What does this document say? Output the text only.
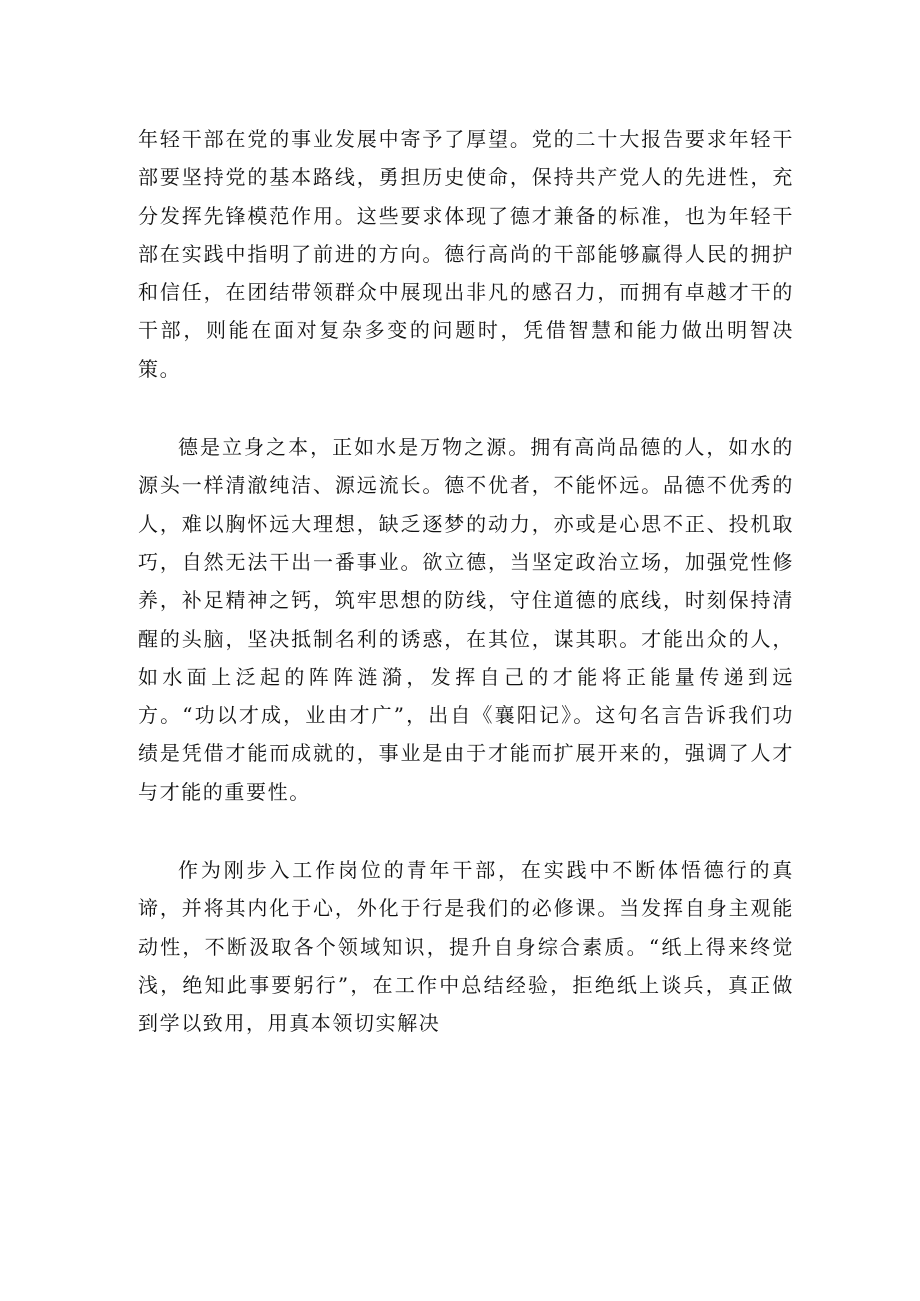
年轻干部在党的事业发展中寄予了厚望。党的二十大报告要求年轻干部要坚持党的基本路线，勇担历史使命，保持共产党人的先进性，充分发挥先锋模范作用。这些要求体现了德才兼备的标准，也为年轻干部在实践中指明了前进的方向。德行高尚的干部能够赢得人民的拥护和信任，在团结带领群众中展现出非凡的感召力，而拥有卓越才干的干部，则能在面对复杂多变的问题时，凭借智慧和能力做出明智决策。

德是立身之本，正如水是万物之源。拥有高尚品德的人，如水的源头一样清澈纯洁、源远流长。德不优者，不能怀远。品德不优秀的人，难以胸怀远大理想，缺乏逐梦的动力，亦或是心思不正、投机取巧，自然无法干出一番事业。欲立德，当坚定政治立场，加强党性修养，补足精神之钙，筑牢思想的防线，守住道德的底线，时刻保持清醒的头脑，坚决抵制名利的诱惑，在其位，谋其职。才能出众的人，如水面上泛起的阵阵涟漪，发挥自己的才能将正能量传递到远方。“功以才成，业由才广”，出自《襄阳记》。这句名言告诉我们功绩是凭借才能而成就的，事业是由于才能而扩展开来的，强调了人才与才能的重要性。

作为刚步入工作岗位的青年干部，在实践中不断体悟德行的真谛，并将其内化于心，外化于行是我们的必修课。当发挥自身主观能动性，不断汲取各个领域知识，提升自身综合素质。“纸上得来终觉浅，绝知此事要躬行”，在工作中总结经验，拒绝纸上谈兵，真正做到学以致用，用真本领切实解决
